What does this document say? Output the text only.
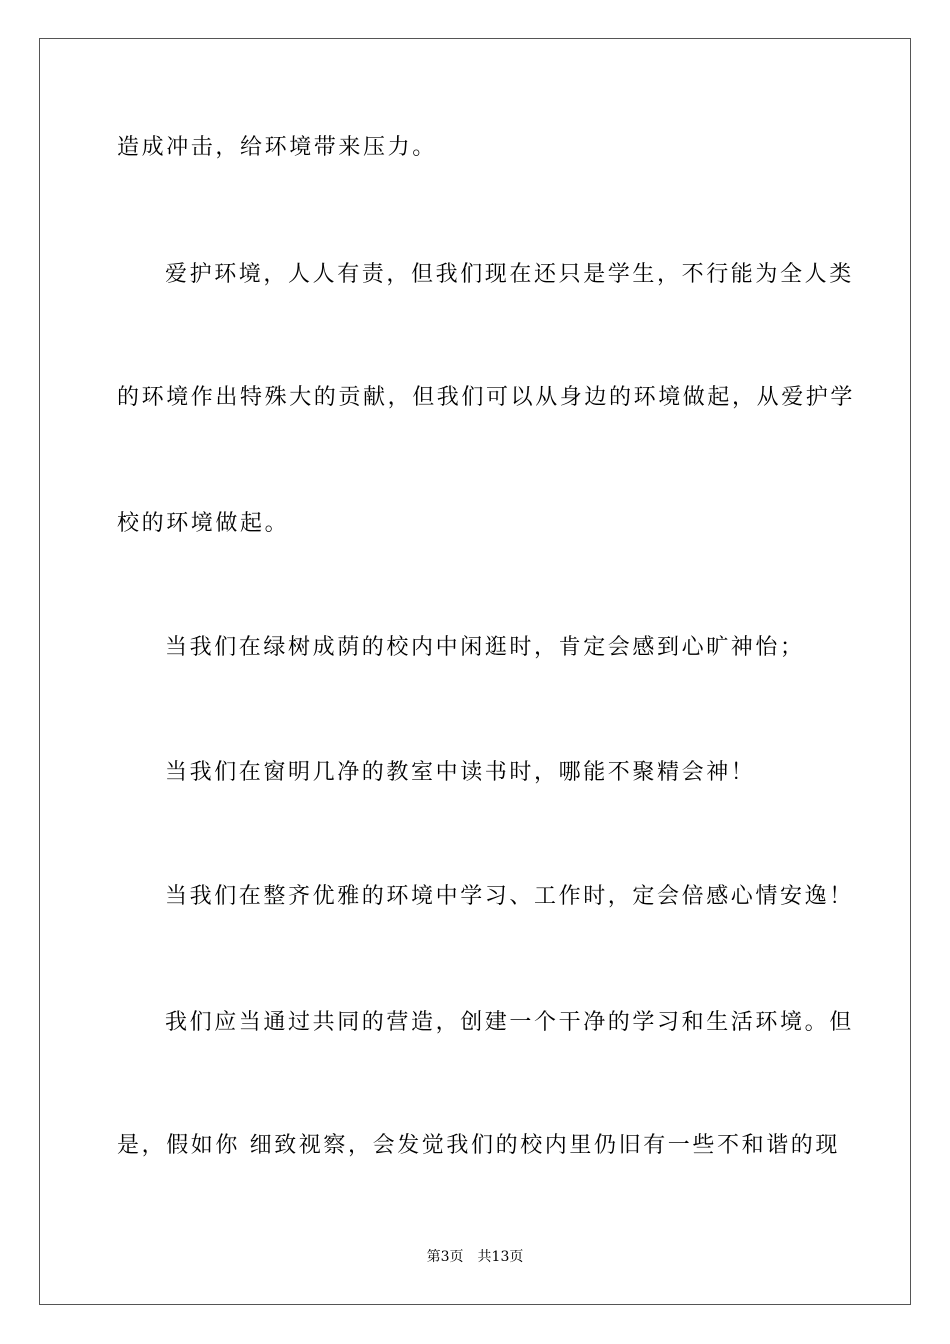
造成冲击，给环境带来压力。
爱护环境，人人有责，但我们现在还只是学生，不行能为全人类
的环境作出特殊大的贡献，但我们可以从身边的环境做起，从爱护学
校的环境做起。
当我们在绿树成荫的校内中闲逛时，肯定会感到心旷神怡；
当我们在窗明几净的教室中读书时，哪能不聚精会神！
当我们在整齐优雅的环境中学习、工作时，定会倍感心情安逸！
我们应当通过共同的营造，创建一个干净的学习和生活环境。但
是，假如你 细致视察，会发觉我们的校内里仍旧有一些不和谐的现
第3页 共13页
